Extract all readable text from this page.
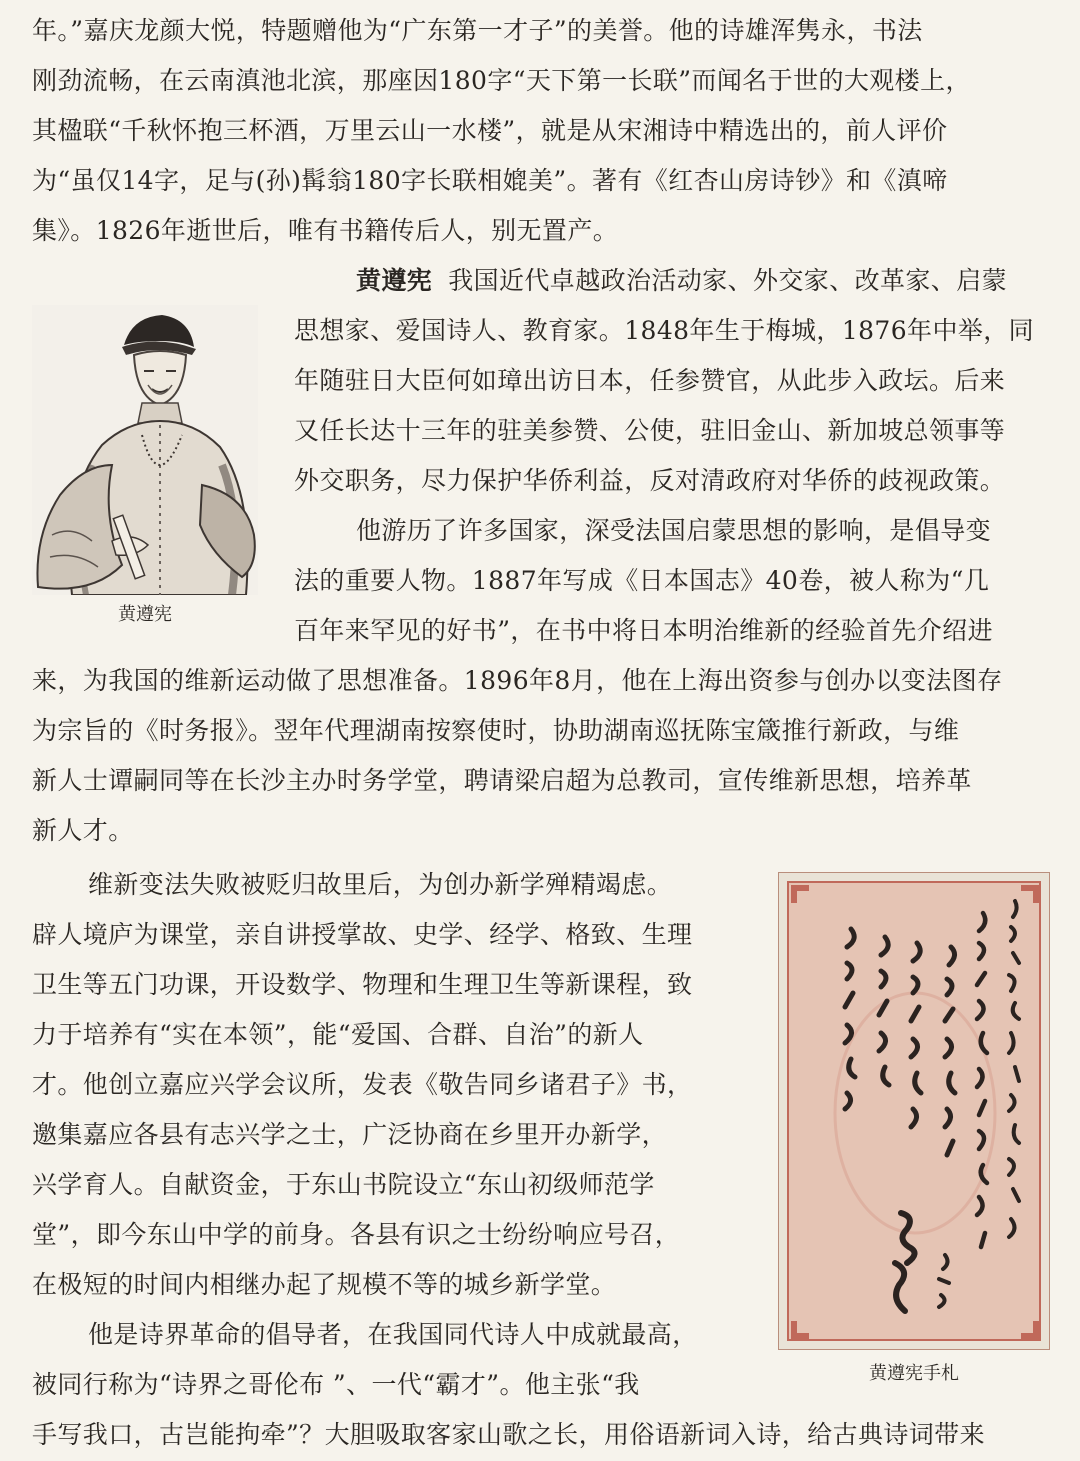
年。”嘉庆龙颜大悦，特题赠他为“广东第一才子”的美誉。他的诗雄浑隽永，书法
刚劲流畅，在云南滇池北滨，那座因180字“天下第一长联”而闻名于世的大观楼上，
其楹联“千秋怀抱三杯酒，万里云山一水楼”，就是从宋湘诗中精选出的，前人评价
为“虽仅14字，足与(孙)髯翁180字长联相媲美”。著有《红杏山房诗钞》和《滇啼
集》。1826年逝世后，唯有书籍传后人，别无置产。
黄遵宪
黄遵宪 我国近代卓越政治活动家、外交家、改革家、启蒙
思想家、爱国诗人、教育家。1848年生于梅城，1876年中举，同
年随驻日大臣何如璋出访日本，任参赞官，从此步入政坛。后来
又任长达十三年的驻美参赞、公使，驻旧金山、新加坡总领事等
外交职务，尽力保护华侨利益，反对清政府对华侨的歧视政策。
他游历了许多国家，深受法国启蒙思想的影响，是倡导变
法的重要人物。1887年写成《日本国志》40卷，被人称为“几
百年来罕见的好书”，在书中将日本明治维新的经验首先介绍进
来，为我国的维新运动做了思想准备。1896年8月，他在上海出资参与创办以变法图存
为宗旨的《时务报》。翌年代理湖南按察使时，协助湖南巡抚陈宝箴推行新政，与维
新人士谭嗣同等在长沙主办时务学堂，聘请梁启超为总教司，宣传维新思想，培养革
新人才。
维新变法失败被贬归故里后，为创办新学殚精竭虑。
辟人境庐为课堂，亲自讲授掌故、史学、经学、格致、生理
卫生等五门功课，开设数学、物理和生理卫生等新课程，致
力于培养有“实在本领”，能“爱国、合群、自治”的新人
才。他创立嘉应兴学会议所，发表《敬告同乡诸君子》书，
邀集嘉应各县有志兴学之士，广泛协商在乡里开办新学，
兴学育人。自献资金，于东山书院设立“东山初级师范学
堂”，即今东山中学的前身。各县有识之士纷纷响应号召，
在极短的时间内相继办起了规模不等的城乡新学堂。
他是诗界革命的倡导者，在我国同代诗人中成就最高，
被同行称为“诗界之哥伦布 ”、一代“霸才”。他主张“我
手写我口，古岂能拘牵”？大胆吸取客家山歌之长，用俗语新词入诗，给古典诗词带来
黄遵宪手札
